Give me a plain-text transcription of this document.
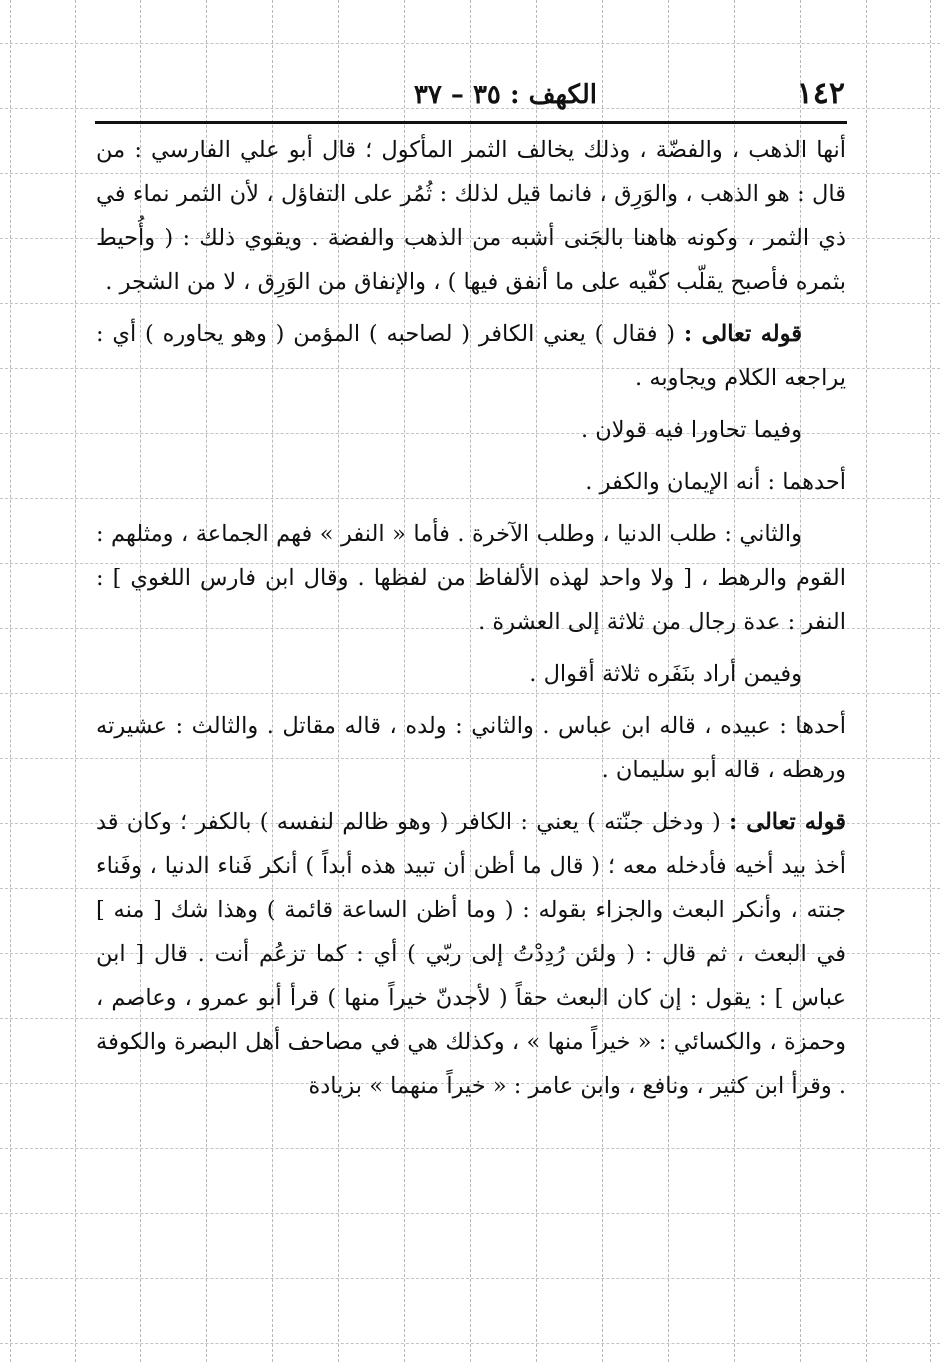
١٤٢
الكهف : ٣٥ – ٣٧

أنها الذهب ، والفضّة ، وذلك يخالف الثمر المأكول ؛ قال أبو علي الفارسي : من قال : هو الذهب ، والوَرِق ، فانما قيل لذلك : ثُمُر على التفاؤل ، لأن الثمر نماء في ذي الثمر ، وكونه هاهنا بالجَنى أشبه من الذهب والفضة . ويقوي ذلك : ( وأُحيط بثمره فأصبح يقلّب كفّيه على ما أنفق فيها ) ، والإنفاق من الوَرِق ، لا من الشجر .

قوله تعالى : ( فقال ) يعني الكافر ( لصاحبه ) المؤمن ( وهو يحاوره ) أي : يراجعه الكلام ويجاوبه .

وفيما تحاورا فيه قولان .

أحدهما : أنه الإيمان والكفر .

والثاني : طلب الدنيا ، وطلب الآخرة . فأما « النفر » فهم الجماعة ، ومثلهم : القوم والرهط ، [ ولا واحد لهذه الألفاظ من لفظها . وقال ابن فارس اللغوي ] : النفر : عدة رجال من ثلاثة إلى العشرة .

وفيمن أراد بنَفَره ثلاثة أقوال .

أحدها : عبيده ، قاله ابن عباس . والثاني : ولده ، قاله مقاتل . والثالث : عشيرته ورهطه ، قاله أبو سليمان .

قوله تعالى : ( ودخل جنّته ) يعني : الكافر ( وهو ظالم لنفسه ) بالكفر ؛ وكان قد أخذ بيد أخيه فأدخله معه ؛ ( قال ما أظن أن تبيد هذه أبداً ) أنكر فَناء الدنيا ، وفَناء جنته ، وأنكر البعث والجزاء بقوله : ( وما أظن الساعة قائمة ) وهذا شك [ منه ] في البعث ، ثم قال : ( ولئن رُدِدْتُ إلى ربّي ) أي : كما تزعُم أنت . قال [ ابن عباس ] : يقول : إن كان البعث حقاً ( لأجدنّ خيراً منها ) قرأ أبو عمرو ، وعاصم ، وحمزة ، والكسائي : « خيراً منها » ، وكذلك هي في مصاحف أهل البصرة والكوفة . وقرأ ابن كثير ، ونافع ، وابن عامر : « خيراً منهما » بزيادة
